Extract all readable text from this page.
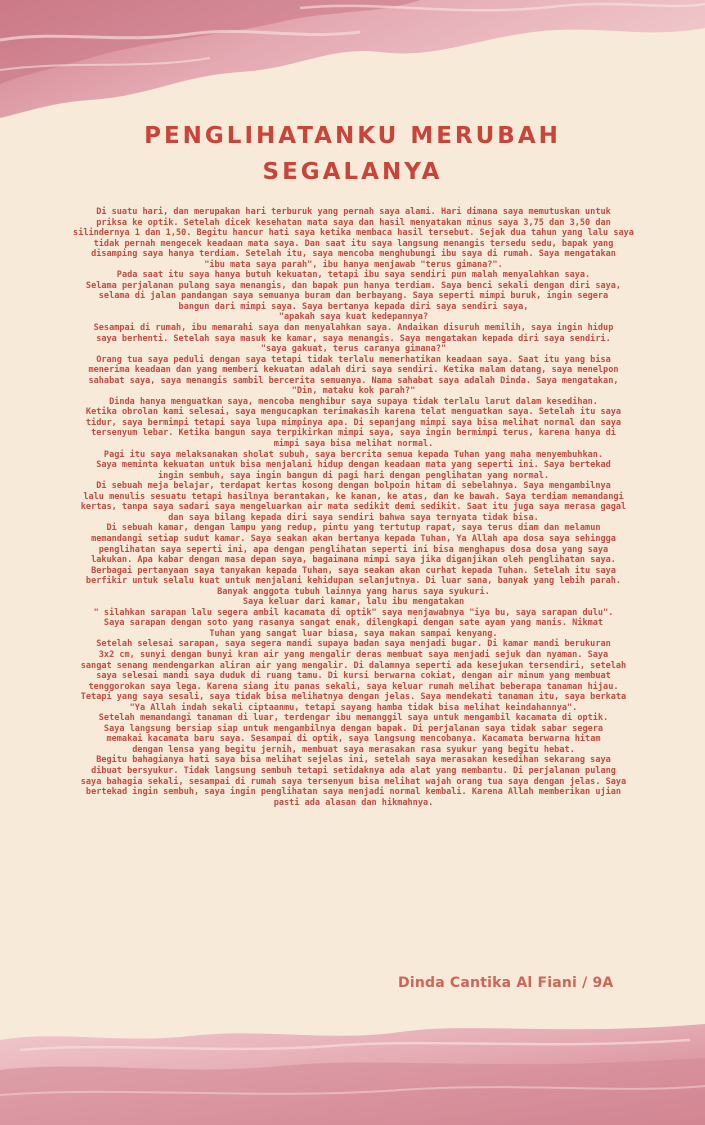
PENGLIHATANKU MERUBAH
SEGALANYA

Di suatu hari, dan merupakan hari terburuk yang pernah saya alami. Hari dimana saya memutuskan untuk

priksa ke optik. Setelah dicek kesehatan mata saya dan hasil menyatakan minus saya 3,75 dan 3,50 dan

silindernya 1 dan 1,50. Begitu hancur hati saya ketika membaca hasil tersebut. Sejak dua tahun yang lalu saya

tidak pernah mengecek keadaan mata saya. Dan saat itu saya langsung menangis tersedu sedu, bapak yang

disamping saya hanya terdiam. Setelah itu, saya mencoba menghubungi ibu saya di rumah. Saya mengatakan

"ibu mata saya parah", ibu hanya menjawab "terus gimana?".

Pada saat itu saya hanya butuh kekuatan, tetapi ibu saya sendiri pun malah menyalahkan saya.

Selama perjalanan pulang saya menangis, dan bapak pun hanya terdiam. Saya benci sekali dengan diri saya,

selama di jalan pandangan saya semuanya buram dan berbayang. Saya seperti mimpi buruk, ingin segera

bangun dari mimpi saya. Saya bertanya kepada diri saya sendiri saya,

"apakah saya kuat kedepannya?

Sesampai di rumah, ibu memarahi saya dan menyalahkan saya. Andaikan disuruh memilih, saya ingin hidup

saya berhenti. Setelah saya masuk ke kamar, saya menangis. Saya mengatakan kepada diri saya sendiri.

"saya gakuat, terus caranya gimana?"

Orang tua saya peduli dengan saya tetapi tidak terlalu memerhatikan keadaan saya. Saat itu yang bisa

menerima keadaan dan yang memberi kekuatan adalah diri saya sendiri. Ketika malam datang, saya menelpon

sahabat saya, saya menangis sambil bercerita semuanya. Nama sahabat saya adalah Dinda. Saya mengatakan,

"Din, mataku kok parah?"

Dinda hanya menguatkan saya, mencoba menghibur saya supaya tidak terlalu larut dalam kesedihan.

Ketika obrolan kami selesai, saya mengucapkan terimakasih karena telat menguatkan saya. Setelah itu saya

tidur, saya bermimpi tetapi saya lupa mimpinya apa. Di sepanjang mimpi saya bisa melihat normal dan saya

tersenyum lebar. Ketika bangun saya terpikirkan mimpi saya, saya ingin bermimpi terus, karena hanya di

mimpi saya bisa melihat normal.

Pagi itu saya melaksanakan sholat subuh, saya bercrita semua kepada Tuhan yang maha menyembuhkan.

Saya meminta kekuatan untuk bisa menjalani hidup dengan keadaan mata yang seperti ini. Saya bertekad

ingin sembuh, saya ingin bangun di pagi hari dengan penglihatan yang normal.

Di sebuah meja belajar, terdapat kertas kosong dengan bolpoin hitam di sebelahnya. Saya mengambilnya

lalu menulis sesuatu tetapi hasilnya berantakan, ke kanan, ke atas, dan ke bawah. Saya terdiam memandangi

kertas, tanpa saya sadari saya mengeluarkan air mata sedikit demi sedikit. Saat itu juga saya merasa gagal

dan saya bilang kepada diri saya sendiri bahwa saya ternyata tidak bisa.

Di sebuah kamar, dengan lampu yang redup, pintu yang tertutup rapat, saya terus diam dan melamun

memandangi setiap sudut kamar. Saya seakan akan bertanya kepada Tuhan, Ya Allah apa dosa saya sehingga

penglihatan saya seperti ini, apa dengan penglihatan seperti ini bisa menghapus dosa dosa yang saya

lakukan. Apa kabar dengan masa depan saya, bagaimana mimpi saya jika diganjikan oleh penglihatan saya.

Berbagai pertanyaan saya tanyakan kepada Tuhan, saya seakan akan curhat kepada Tuhan. Setelah itu saya

berfikir untuk selalu kuat untuk menjalani kehidupan selanjutnya. Di luar sana, banyak yang lebih parah.

Banyak anggota tubuh lainnya yang harus saya syukuri.

Saya keluar dari kamar, lalu ibu mengatakan

" silahkan sarapan lalu segera ambil kacamata di optik" saya menjawabnya "iya bu, saya sarapan dulu".

Saya sarapan dengan soto yang rasanya sangat enak, dilengkapi dengan sate ayam yang manis. Nikmat

Tuhan yang sangat luar biasa, saya makan sampai kenyang.

Setelah selesai sarapan, saya segera mandi supaya badan saya menjadi bugar. Di kamar mandi berukuran

3x2 cm, sunyi dengan bunyi kran air yang mengalir deras membuat saya menjadi sejuk dan nyaman. Saya

sangat senang mendengarkan aliran air yang mengalir. Di dalamnya seperti ada kesejukan tersendiri, setelah

saya selesai mandi saya duduk di ruang tamu. Di kursi berwarna cokiat, dengan air minum yang membuat

tenggorokan saya lega. Karena siang itu panas sekali, saya keluar rumah melihat beberapa tanaman hijau.

Tetapi yang saya sesali, saya tidak bisa melihatnya dengan jelas. Saya mendekati tanaman itu, saya berkata

"Ya Allah indah sekali ciptaanmu, tetapi sayang hamba tidak bisa melihat keindahannya".

Setelah memandangi tanaman di luar, terdengar ibu memanggil saya untuk mengambil kacamata di optik.

Saya langsung bersiap siap untuk mengambilnya dengan bapak. Di perjalanan saya tidak sabar segera

memakai kacamata baru saya. Sesampai di optik, saya langsung mencobanya. Kacamata berwarna hitam

dengan lensa yang begitu jernih, membuat saya merasakan rasa syukur yang begitu hebat.

Begitu bahagianya hati saya bisa melihat sejelas ini, setelah saya merasakan kesedihan sekarang saya

dibuat bersyukur. Tidak langsung sembuh tetapi setidaknya ada alat yang membantu. Di perjalanan pulang

saya bahagia sekali, sesampai di rumah saya tersenyum bisa melihat wajah orang tua saya dengan jelas. Saya

bertekad ingin sembuh, saya ingin penglihatan saya menjadi normal kembali. Karena Allah memberikan ujian

pasti ada alasan dan hikmahnya.

Dinda Cantika Al Fiani / 9A
